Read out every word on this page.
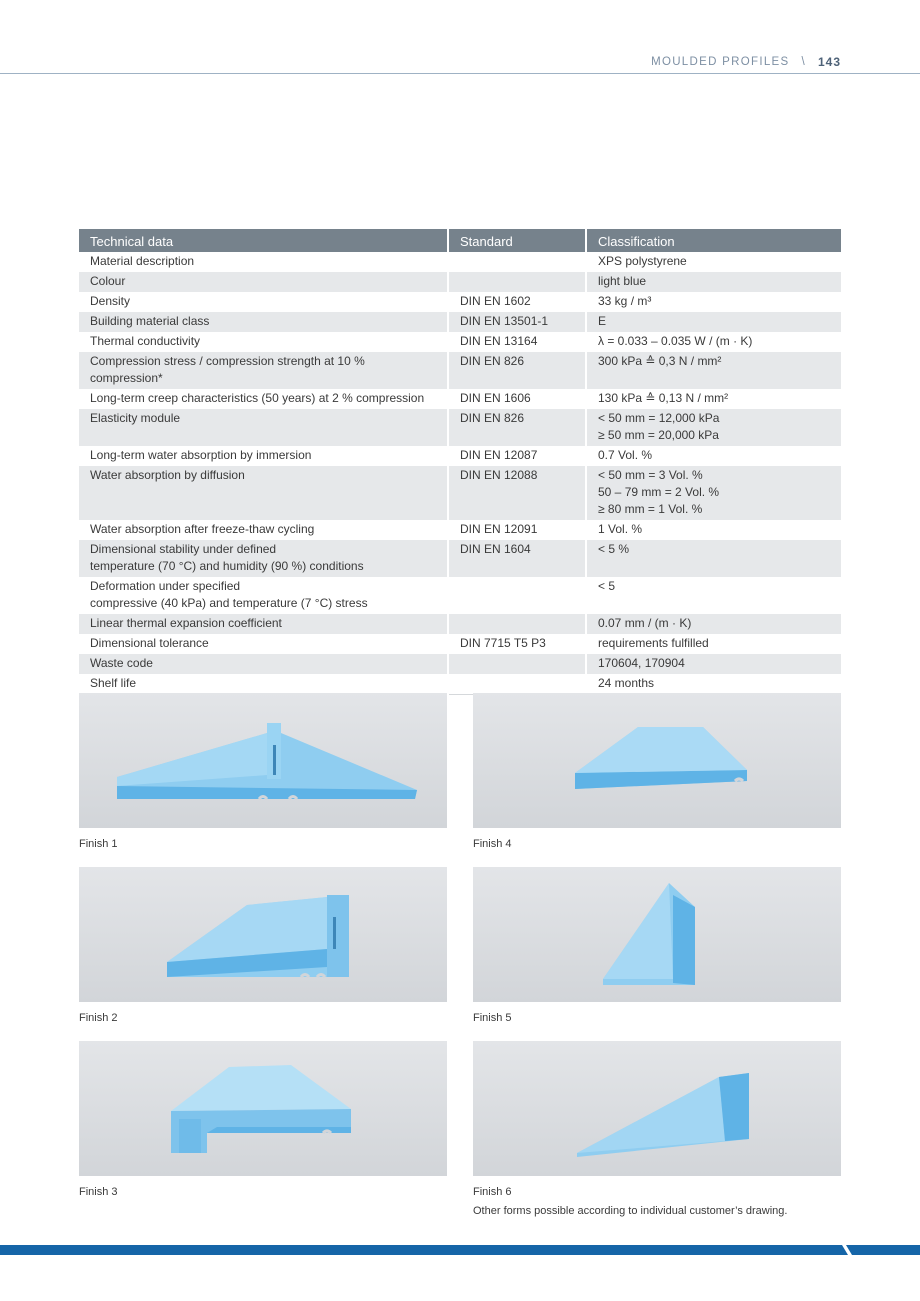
MOULDED PROFILES \ 143
Technical data	Standard	Classification

Material description		XPS polystyrene

Colour		light blue

Density	DIN EN 1602	33 kg / m³

Building material class	DIN EN 13501-1	E

Thermal conductivity	DIN EN 13164	λ = 0.033 – 0.035 W / (m · K)

Compression stress / compression strength at 10 % compression*	DIN EN 826	300 kPa ≙ 0,3 N / mm²

Long-term creep characteristics (50 years) at 2 % compression	DIN EN 1606	130 kPa ≙ 0,13 N / mm²

Elasticity module	DIN EN 826	< 50 mm = 12,000 kPa
≥ 50 mm = 20,000 kPa

Long-term water absorption by immersion	DIN EN 12087	0.7 Vol. %

Water absorption by diffusion	DIN EN 12088	< 50 mm = 3 Vol. %
50 – 79 mm = 2 Vol. %
≥ 80 mm = 1 Vol. %

Water absorption after freeze-thaw cycling	DIN EN 12091	1 Vol. %

Dimensional stability under defined
temperature (70 °C) and humidity (90 %) conditions	DIN EN 1604	< 5 %

Deformation under specified
compressive (40 kPa) and temperature (7 °C) stress		< 5

Linear thermal expansion coefficient		0.07 mm / (m · K)

Dimensional tolerance	DIN 7715 T5 P3	requirements fulfilled

Waste code		170604, 170904

Shelf life		24 months
Finish 1	Finish 4
Finish 2	Finish 5
Finish 3	Finish 6
Other forms possible according to individual customer’s drawing.
